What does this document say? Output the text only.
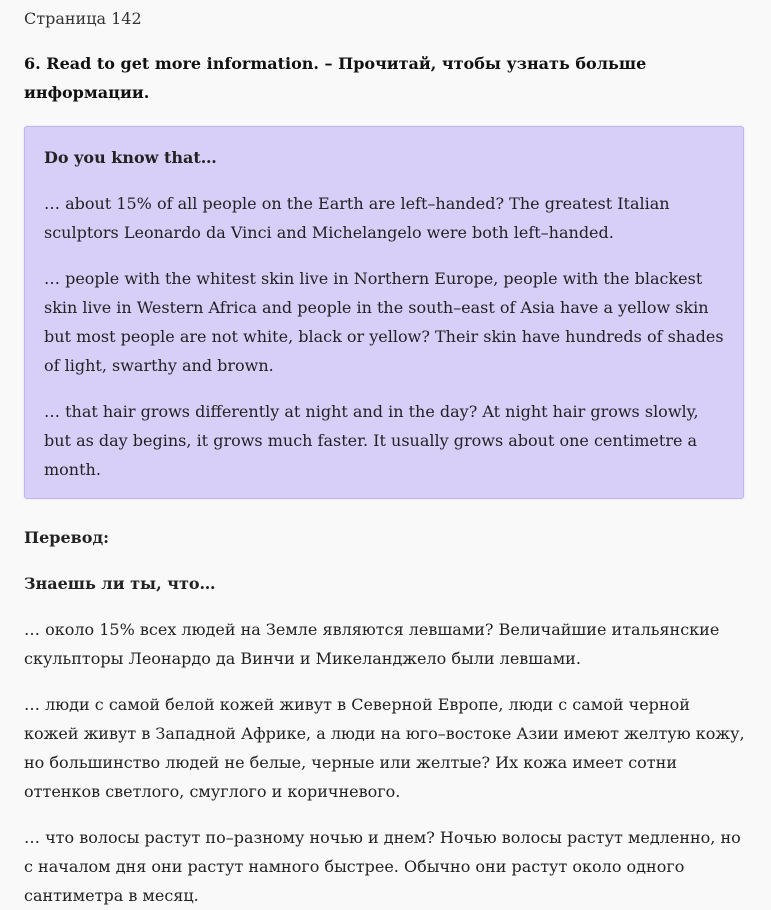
Страница 142
6. Read to get more information. – Прочитай, чтобы узнать больше информации.

Do you know that…

… about 15% of all people on the Earth are left–handed? The greatest Italian sculptors Leonardo da Vinci and Michelangelo were both left–handed.

… people with the whitest skin live in Northern Europe, people with the blackest skin live in Western Africa and people in the south–east of Asia have a yellow skin but most people are not white, black or yellow? Their skin have hundreds of shades of light, swarthy and brown.

… that hair grows differently at night and in the day? At night hair grows slowly, but as day begins, it grows much faster. It usually grows about one centimetre a month.

Перевод:

Знаешь ли ты, что…

… около 15% всех людей на Земле являются левшами? Величайшие итальянские скульпторы Леонардо да Винчи и Микеланджело были левшами.

… люди с самой белой кожей живут в Северной Европе, люди с самой черной кожей живут в Западной Африке, а люди на юго–востоке Азии имеют желтую кожу, но большинство людей не белые, черные или желтые? Их кожа имеет сотни оттенков светлого, смуглого и коричневого.

… что волосы растут по–разному ночью и днем? Ночью волосы растут медленно, но с началом дня они растут намного быстрее. Обычно они растут около одного сантиметра в месяц.
